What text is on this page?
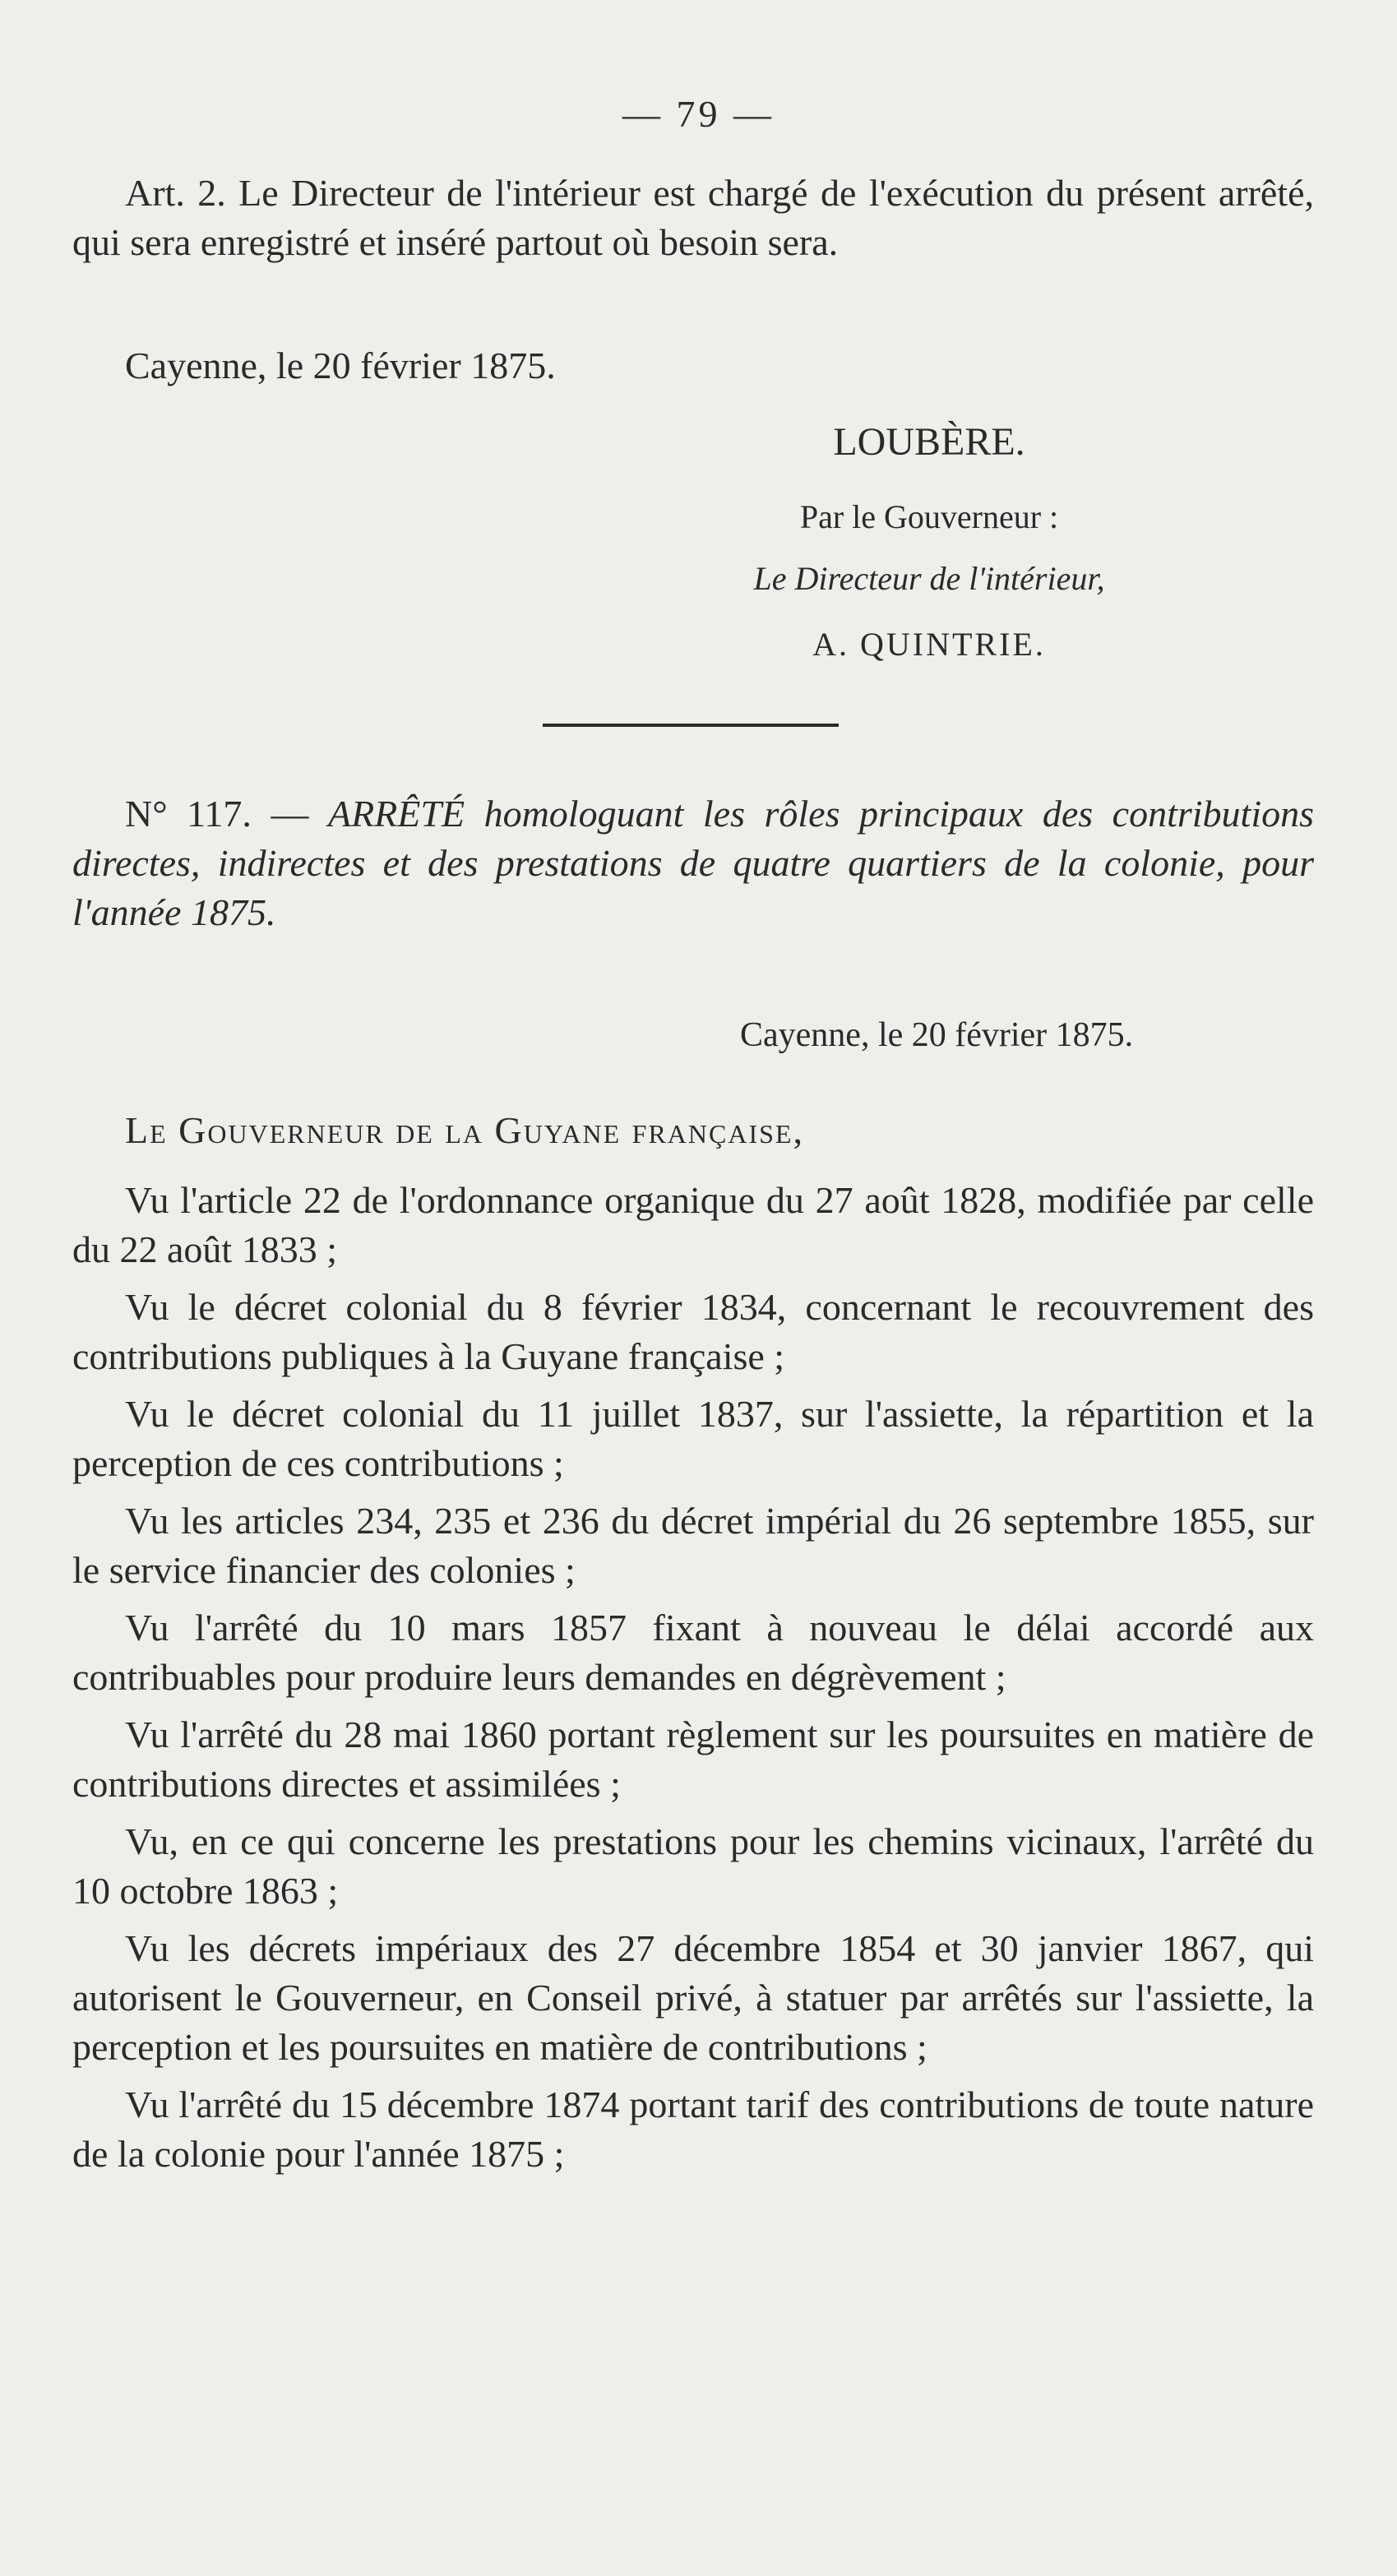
— 79 —
Art. 2. Le Directeur de l'intérieur est chargé de l'exécution du présent arrêté, qui sera enregistré et inséré partout où besoin sera.
Cayenne, le 20 février 1875.
LOUBÈRE.
Par le Gouverneur :
Le Directeur de l'intérieur,
A. QUINTRIE.
N° 117. — ARRÊTÉ homologuant les rôles principaux des contributions directes, indirectes et des prestations de quatre quartiers de la colonie, pour l'année 1875.
Cayenne, le 20 février 1875.
Le Gouverneur de la Guyane française,

Vu l'article 22 de l'ordonnance organique du 27 août 1828, modifiée par celle du 22 août 1833 ;

Vu le décret colonial du 8 février 1834, concernant le recouvrement des contributions publiques à la Guyane française ;

Vu le décret colonial du 11 juillet 1837, sur l'assiette, la répartition et la perception de ces contributions ;

Vu les articles 234, 235 et 236 du décret impérial du 26 septembre 1855, sur le service financier des colonies ;

Vu l'arrêté du 10 mars 1857 fixant à nouveau le délai accordé aux contribuables pour produire leurs demandes en dégrèvement ;

Vu l'arrêté du 28 mai 1860 portant règlement sur les poursuites en matière de contributions directes et assimilées ;

Vu, en ce qui concerne les prestations pour les chemins vicinaux, l'arrêté du 10 octobre 1863 ;

Vu les décrets impériaux des 27 décembre 1854 et 30 janvier 1867, qui autorisent le Gouverneur, en Conseil privé, à statuer par arrêtés sur l'assiette, la perception et les poursuites en matière de contributions ;

Vu l'arrêté du 15 décembre 1874 portant tarif des contributions de toute nature de la colonie pour l'année 1875 ;
